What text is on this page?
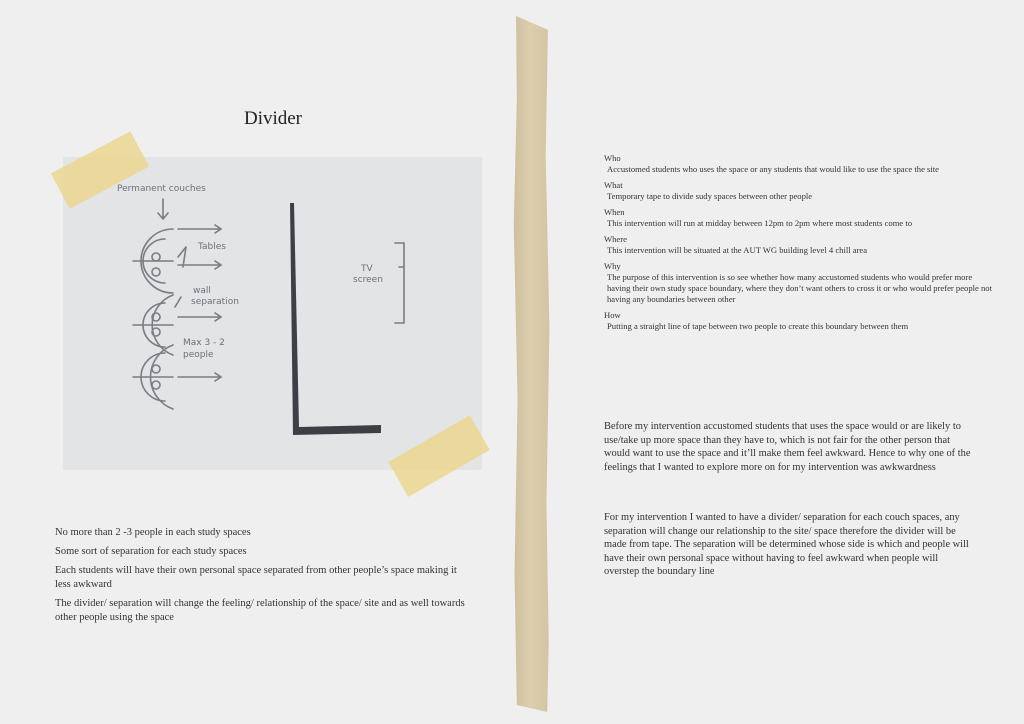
Divider
Permanent couches
Tables
wall
separation
Max 3 - 2
people
TV
screen
No more than 2 -3 people in each study spaces
Some sort of separation for each study spaces
Each students will have their own personal space separated from other people’s space making it less awkward
The divider/ separation will change the feeling/ relationship of the space/ site and as well towards other people using the space
Who
Accustomed students who uses the space or any students that would like to use the space the site
What
Temporary tape to divide sudy spaces between other people
When
This intervention will run at midday between 12pm to 2pm where most students come to
Where
This intervention will be situated at the AUT WG building level 4 chill area
Why
The purpose of this intervention is so see whether how many accustomed students who would prefer more having their own study space boundary, where they don’t want others to cross it or who would prefer people not having any boundaries between other
How
Putting a straight line of tape between two people to create this boundary between them
Before my intervention accustomed students that uses the space would or are likely to use/take up more space than they have to, which is not fair for the other person that would want to use the space and it’ll make them feel awkward. Hence to why one of the feelings that I wanted to explore more on for my intervention was awkwardness
For my intervention I wanted to have a divider/ separation for each couch spaces, any separation will change our relationship to the site/ space therefore the divider will be made from tape. The separation will be determined whose side is which and people will have their own personal space without having to feel awkward when people will overstep the boundary line
